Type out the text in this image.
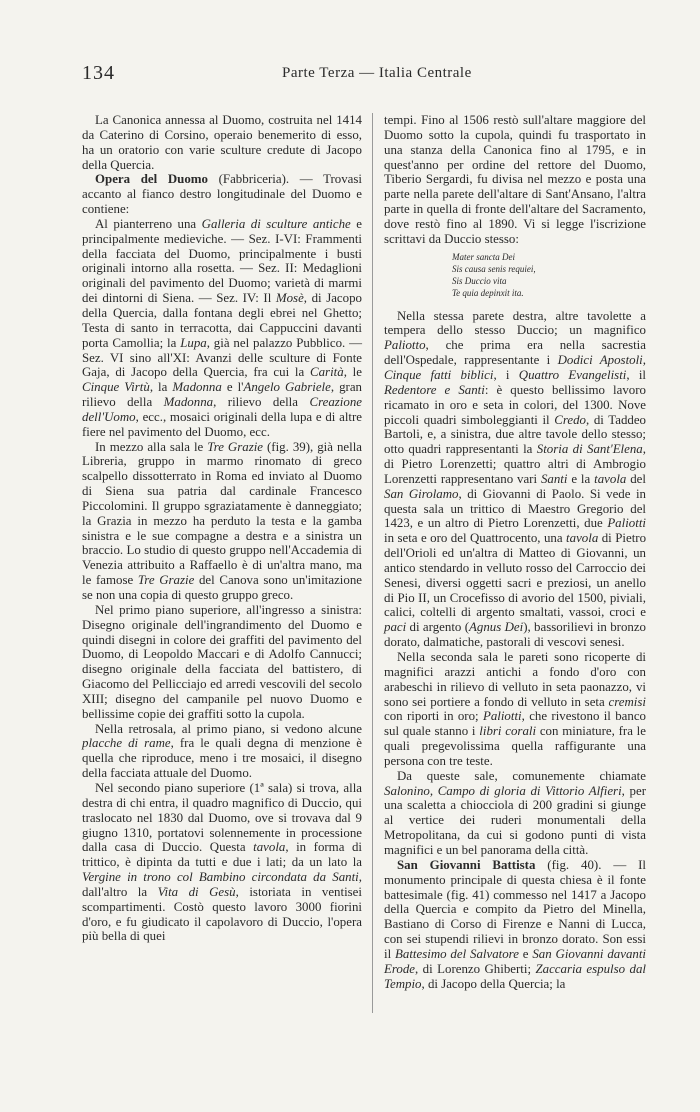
134	Parte Terza — Italia Centrale

La Canonica annessa al Duomo, costruita nel 1414 da Caterino di Corsino, operaio benemerito di esso, ha un oratorio con varie sculture credute di Jacopo della Quercia.

Opera del Duomo (Fabbriceria). — Trovasi accanto al fianco destro longitudinale del Duomo e contiene:

Al pianterreno una Galleria di sculture antiche e principalmente medieviche. — Sez. I-VI: Frammenti della facciata del Duomo, principalmente i busti originali intorno alla rosetta. — Sez. II: Medaglioni originali del pavimento del Duomo; varietà di marmi dei dintorni di Siena. — Sez. IV: Il Mosè, di Jacopo della Quercia, dalla fontana degli ebrei nel Ghetto; Testa di santo in terracotta, dai Cappuccini davanti porta Camollia; la Lupa, già nel palazzo Pubblico. — Sez. VI sino all'XI: Avanzi delle sculture di Fonte Gaja, di Jacopo della Quercia, fra cui la Carità, le Cinque Virtù, la Madonna e l'Angelo Gabriele, gran rilievo della Madonna, rilievo della Creazione dell'Uomo, ecc., mosaici originali della lupa e di altre fiere nel pavimento del Duomo, ecc.

In mezzo alla sala le Tre Grazie (fig. 39), già nella Libreria, gruppo in marmo rinomato di greco scalpello dissotterrato in Roma ed inviato al Duomo di Siena sua patria dal cardinale Francesco Piccolomini. Il gruppo sgraziatamente è danneggiato; la Grazia in mezzo ha perduto la testa e la gamba sinistra e le sue compagne a destra e a sinistra un braccio. Lo studio di questo gruppo nell'Accademia di Venezia attribuito a Raffaello è di un'altra mano, ma le famose Tre Grazie del Canova sono un'imitazione se non una copia di questo gruppo greco.

Nel primo piano superiore, all'ingresso a sinistra: Disegno originale dell'ingrandimento del Duomo e quindi disegni in colore dei graffiti del pavimento del Duomo, di Leopoldo Maccari e di Adolfo Cannucci; disegno originale della facciata del battistero, di Giacomo del Pellicciajo ed arredi vescovili del secolo XIII; disegno del campanile pel nuovo Duomo e bellissime copie dei graffiti sotto la cupola.

Nella retrosala, al primo piano, si vedono alcune placche di rame, fra le quali degna di menzione è quella che riproduce, meno i tre mosaici, il disegno della facciata attuale del Duomo.

Nel secondo piano superiore (1ª sala) si trova, alla destra di chi entra, il quadro magnifico di Duccio, qui traslocato nel 1830 dal Duomo, ove si trovava dal 9 giugno 1310, portatovi solennemente in processione dalla casa di Duccio. Questa tavola, in forma di trittico, è dipinta da tutti e due i lati; da un lato la Vergine in trono col Bambino circondata da Santi, dall'altro la Vita di Gesù, istoriata in ventisei scompartimenti. Costò questo lavoro 3000 fiorini d'oro, e fu giudicato il capolavoro di Duccio, l'opera più bella di quei

tempi. Fino al 1506 restò sull'altare maggiore del Duomo sotto la cupola, quindi fu trasportato in una stanza della Canonica fino al 1795, e in quest'anno per ordine del rettore del Duomo, Tiberio Sergardi, fu divisa nel mezzo e posta una parte nella parete dell'altare di Sant'Ansano, l'altra parte in quella di fronte dell'altare del Sacramento, dove restò fino al 1890. Vi si legge l'iscrizione scrittavi da Duccio stesso:

Mater sancta Dei
Sis causa senis requiei,
Sis Duccio vita
Te quia depinxit ita.

Nella stessa parete destra, altre tavolette a tempera dello stesso Duccio; un magnifico Paliotto, che prima era nella sacrestia dell'Ospedale, rappresentante i Dodici Apostoli, Cinque fatti biblici, i Quattro Evangelisti, il Redentore e Santi: è questo bellissimo lavoro ricamato in oro e seta in colori, del 1300. Nove piccoli quadri simboleggianti il Credo, di Taddeo Bartoli, e, a sinistra, due altre tavole dello stesso; otto quadri rappresentanti la Storia di Sant'Elena, di Pietro Lorenzetti; quattro altri di Ambrogio Lorenzetti rappresentano vari Santi e la tavola del San Girolamo, di Giovanni di Paolo. Si vede in questa sala un trittico di Maestro Gregorio del 1423, e un altro di Pietro Lorenzetti, due Paliotti in seta e oro del Quattrocento, una tavola di Pietro dell'Orioli ed un'altra di Matteo di Giovanni, un antico stendardo in velluto rosso del Carroccio dei Senesi, diversi oggetti sacri e preziosi, un anello di Pio II, un Crocefisso di avorio del 1500, piviali, calici, coltelli di argento smaltati, vassoi, croci e paci di argento (Agnus Dei), bassorilievi in bronzo dorato, dalmatiche, pastorali di vescovi senesi.

Nella seconda sala le pareti sono ricoperte di magnifici arazzi antichi a fondo d'oro con arabeschi in rilievo di velluto in seta paonazzo, vi sono sei portiere a fondo di velluto in seta cremisi con riporti in oro; Paliotti, che rivestono il banco sul quale stanno i libri corali con miniature, fra le quali pregevolissima quella raffigurante una persona con tre teste.

Da queste sale, comunemente chiamate Salonino, Campo di gloria di Vittorio Alfieri, per una scaletta a chiocciola di 200 gradini si giunge al vertice dei ruderi monumentali della Metropolitana, da cui si godono punti di vista magnifici e un bel panorama della città.

San Giovanni Battista (fig. 40). — Il monumento principale di questa chiesa è il fonte battesimale (fig. 41) commesso nel 1417 a Jacopo della Quercia e compito da Pietro del Minella, Bastiano di Corso di Firenze e Nanni di Lucca, con sei stupendi rilievi in bronzo dorato. Son essi il Battesimo del Salvatore e San Giovanni davanti Erode, di Lorenzo Ghiberti; Zaccaria espulso dal Tempio, di Jacopo della Quercia; la
